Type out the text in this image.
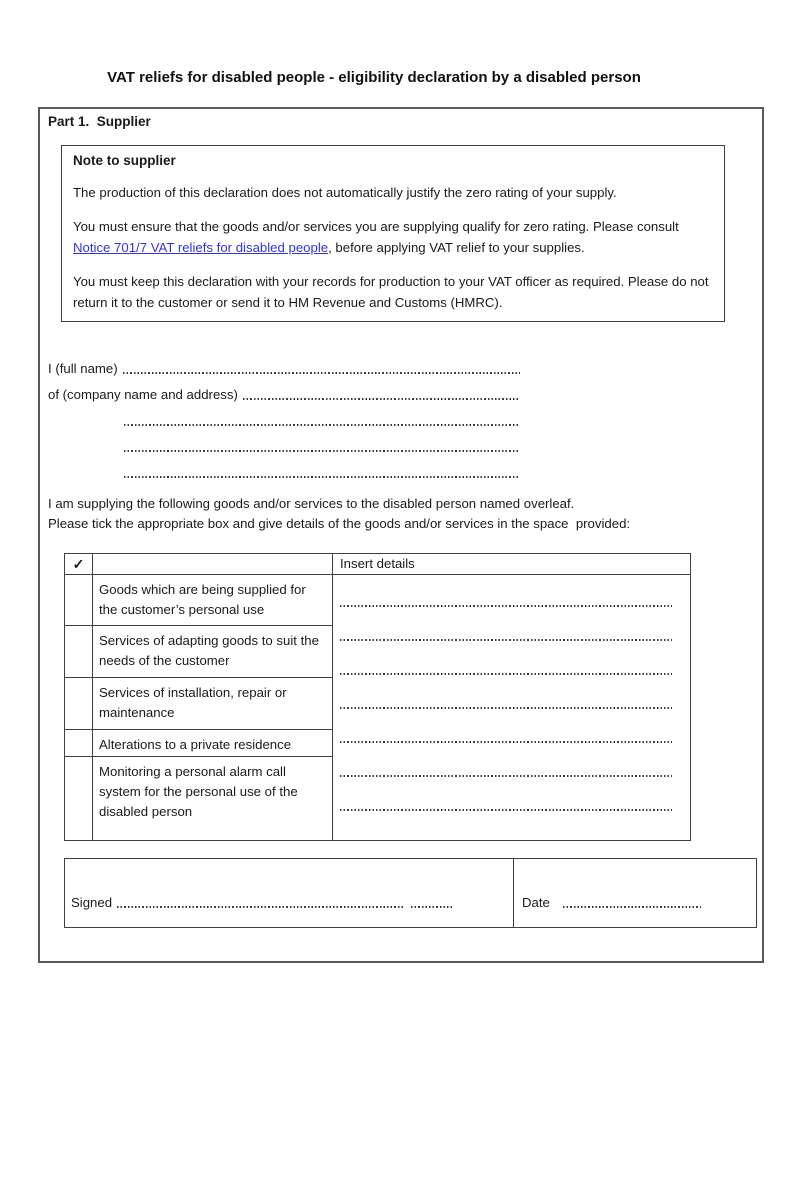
VAT reliefs for disabled people - eligibility declaration by a disabled person
Part 1.  Supplier
Note to supplier
The production of this declaration does not automatically justify the zero rating of your supply.
You must ensure that the goods and/or services you are supplying qualify for zero rating. Please consult Notice 701/7 VAT reliefs for disabled people, before applying VAT relief to your supplies.
You must keep this declaration with your records for production to your VAT officer as required. Please do not return it to the customer or send it to HM Revenue and Customs (HMRC).
I (full name)
of (company name and address)
I am supplying the following goods and/or services to the disabled person named overleaf.
Please tick the appropriate box and give details of the goods and/or services in the space  provided:
✓	Insert details
Goods which are being supplied for the customer’s personal use
Services of adapting goods to suit the needs of the customer
Services of installation, repair or maintenance
Alterations to a private residence
Monitoring a personal alarm call system for the personal use of the disabled person
Signed	Date
